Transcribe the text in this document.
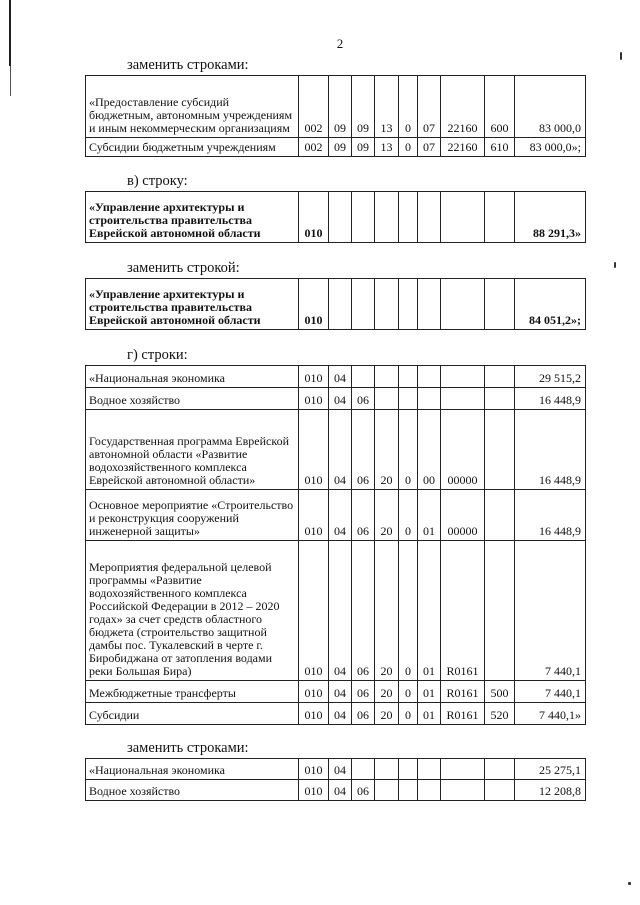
2
заменить строками:
«Предоставление субсидий бюджетным, автономным учреждениям и иным некоммерческим организациям	002	09	09	13	0	07	22160	600	83 000,0
Субсидии бюджетным учреждениям	002	09	09	13	0	07	22160	610	83 000,0»;
в) строку:
«Управление архитектуры и строительства правительства Еврейской автономной области	010								88 291,3»
заменить строкой:
«Управление архитектуры и строительства правительства Еврейской автономной области	010								84 051,2»;
г) строки:
«Национальная экономика	010	04							29 515,2
Водное хозяйство	010	04	06						16 448,9
Государственная программа Еврейской автономной области «Развитие водохозяйственного комплекса Еврейской автономной области»	010	04	06	20	0	00	00000		16 448,9
Основное мероприятие «Строительство и реконструкция сооружений инженерной защиты»	010	04	06	20	0	01	00000		16 448,9
Мероприятия федеральной целевой программы «Развитие водохозяйственного комплекса Российской Федерации в 2012 – 2020 годах» за счет средств областного бюджета (строительство защитной дамбы пос. Тукалевский в черте г. Биробиджана от затопления водами реки Большая Бира)	010	04	06	20	0	01	R0161		7 440,1
Межбюджетные трансферты	010	04	06	20	0	01	R0161	500	7 440,1
Субсидии	010	04	06	20	0	01	R0161	520	7 440,1»
заменить строками:
«Национальная экономика	010	04							25 275,1
Водное хозяйство	010	04	06						12 208,8
